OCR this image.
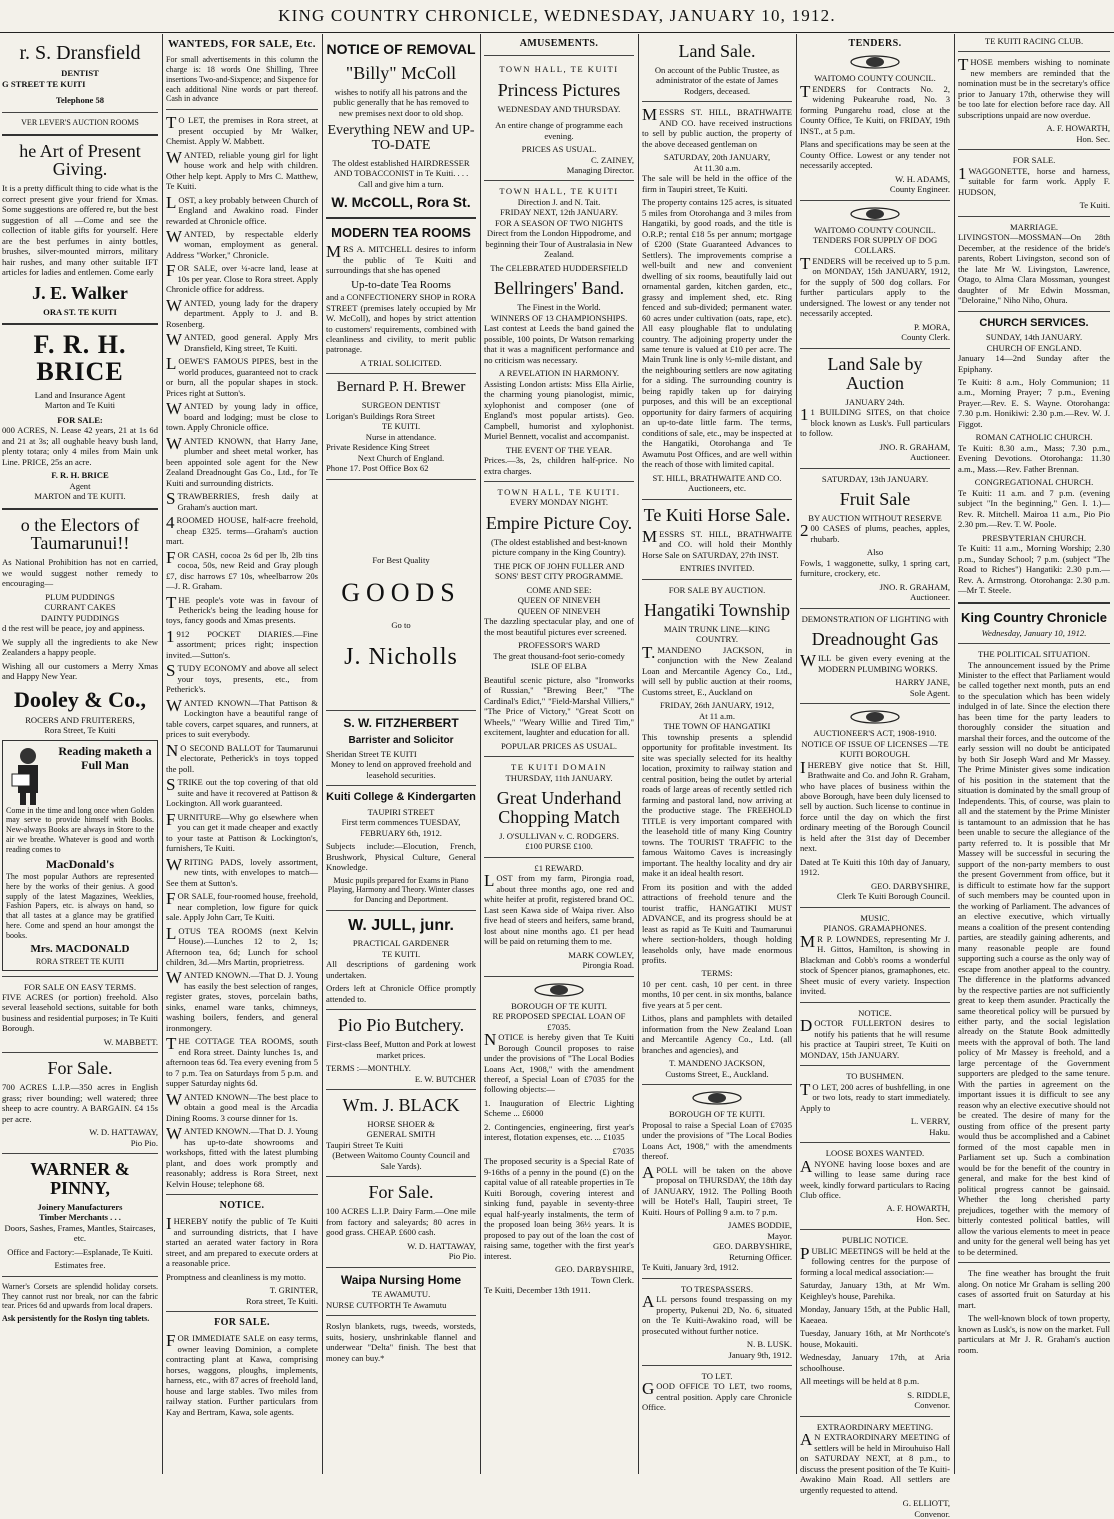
KING COUNTRY CHRONICLE, WEDNESDAY, JANUARY 10, 1912.
r. S. Dransfield
DENTIST
G STREET TE KUITI
Telephone 58
VER LEVER'S AUCTION ROOMS
he Art of Present Giving.

It is a pretty difficult thing to cide what is the correct present give your friend for Xmas. Some suggestions are offered re, but the best suggestion of all —Come and see the collection of itable gifts for yourself. Here are the best perfumes in ainty bottles, brushes, silver-mounted mirrors, military hair rushes, and many other suitable IFT articles for ladies and entlemen. Come early

J. E. Walker
ORA ST. TE KUITI
F. R. H. BRICE
Land and Insurance Agent
Marton and Te Kuiti
FOR SALE:

000 ACRES, N. Lease 42 years, 21 at 1s 6d and 21 at 3s; all oughable heavy bush land, plenty totara; only 4 miles from Main unk Line. PRICE, 25s an acre.

F. R. H. BRICE
Agent
MARTON and TE KUITI.
o the Electors of Taumarunui!!

As National Prohibition has not en carried, we would suggest nother remedy to encouraging—

PLUM PUDDINGS
CURRANT CAKES
DAINTY PUDDINGS

d the rest will be peace, joy and appiness.

We supply all the ingredients to ake New Zealanders a happy people.

Wishing all our customers a Merry Xmas and Happy New Year.

Dooley & Co.,
ROCERS AND FRUITERERS,
Rora Street, Te Kuiti
Reading maketh a Full Man

Come in the time and long once when Golden may serve to provide himself with Books. New-always Books are always in Store to the air we breathe. Whatever is good and worth reading comes to

MacDonald's

The most popular Authors are represented here by the works of their genius. A good supply of the latest Magazines, Weeklies, Fashion Papers, etc. is always on hand, so that all tastes at a glance may be gratified here. Come and spend an hour amongst the books.

Mrs. MACDONALD
RORA STREET TE KUITI
FOR SALE ON EASY TERMS.

FIVE ACRES (or portion) freehold. Also several leasehold sections, suitable for both business and residential purposes; in Te Kuiti Borough.

W. MABBETT.
For Sale.

700 ACRES L.I.P.—350 acres in English grass; river bounding; well watered; three sheep to acre country. A BARGAIN. £4 15s per acre.

W. D. HATTAWAY,
Pio Pio.
WARNER & PINNY,
Joinery Manufacturers
Timber Merchants . . .

Doors, Sashes, Frames, Mantles, Staircases, etc.

Office and Factory:—Esplanade, Te Kuiti.

Estimates free.

Warner's Corsets are splendid holiday corsets. They cannot rust nor break, nor can the fabric tear. Prices 6d and upwards from local drapers.

Ask persistently for the Roslyn ting tablets.

WANTEDS, FOR SALE, Etc.

For small advertisements in this column the charge is: 18 words One Shilling, Three insertions Two-and-Sixpence; and Sixpence for each additional Nine words or part thereof. Cash in advance

TO LET, the premises in Rora street, at present occupied by Mr Walker, Chemist. Apply W. Mabbett.

WANTED, reliable young girl for light house work and help with children. Other help kept. Apply to Mrs C. Matthew, Te Kuiti.

LOST, a key probably between Church of England and Awakino road. Finder rewarded at Chronicle office.

WANTED, by respectable elderly woman, employment as general. Address "Worker," Chronicle.

FOR SALE, over ¼-acre land, lease at 10s per year. Close to Rora street. Apply Chronicle office for address.

WANTED, young lady for the drapery department. Apply to J. and B. Rosenberg.

WANTED, good general. Apply Mrs Dransfield, King street, Te Kuiti.

LOEWE'S FAMOUS PIPES, best in the world produces, guaranteed not to crack or burn, all the popular shapes in stock. Prices right at Sutton's.

WANTED by young lady in office, board and lodging; must be close to town. Apply Chronicle office.

WANTED KNOWN, that Harry Jane, plumber and sheet metal worker, has been appointed sole agent for the New Zealand Dreadnought Gas Co., Ltd., for Te Kuiti and surrounding districts.

STRAWBERRIES, fresh daily at Graham's auction mart.

4ROOMED HOUSE, half-acre freehold, cheap £325. terms—Graham's auction mart.

FOR CASH, cocoa 2s 6d per lb, 2lb tins cocoa, 50s, new Reid and Gray plough £7, disc harrows £7 10s, wheelbarrow 20s—J. R. Graham.

THE people's vote was in favour of Petherick's being the leading house for toys, fancy goods and Xmas presents.

1912 POCKET DIARIES.—Fine assortment; prices right; inspection invited.—Sutton's.

STUDY ECONOMY and above all select your toys, presents, etc., from Petherick's.

WANTED KNOWN—That Pattison & Lockington have a beautiful range of table covers, carpet squares, and runners, at prices to suit everybody.

NO SECOND BALLOT for Taumarunui electorate, Petherick's in toys topped the poll.

STRIKE out the top covering of that old suite and have it recovered at Pattison & Lockington. All work guaranteed.

FURNITURE—Why go elsewhere when you can get it made cheaper and exactly to your taste at Pattison & Lockington's, furnishers, Te Kuiti.

WRITING PADS, lovely assortment, new tints, with envelopes to match—See them at Sutton's.

FOR SALE, four-roomed house, freehold, near completion, low figure for quick sale. Apply John Carr, Te Kuiti.

LOTUS TEA ROOMS (next Kelvin House).—Lunches 12 to 2, 1s; Afternoon tea, 6d; Lunch for school children, 3d.—Mrs Martin, proprietress.

WANTED KNOWN.—That D. J. Young has easily the best selection of ranges, register grates, stoves, porcelain baths, sinks, enamel ware tanks, chimneys, washing boilers, fenders, and general ironmongery.

THE COTTAGE TEA ROOMS, south end Rora street. Dainty lunches 1s, and afternoon teas 6d. Tea every evening from 5 to 7 p.m. Tea on Saturdays from 5 p.m. and supper Saturday nights 6d.

WANTED KNOWN—The best place to obtain a good meal is the Arcadia Dining Rooms. 3 course dinner for 1s.

WANTED KNOWN.—That D. J. Young has up-to-date showrooms and workshops, fitted with the latest plumbing plant, and does work promptly and reasonably; address is Rora Street, next Kelvin House; telephone 68.

NOTICE.

IHEREBY notify the public of Te Kuiti and surrounding districts, that I have started an aerated water factory in Rora street, and am prepared to execute orders at a reasonable price.

Promptness and cleanliness is my motto.

T. GRINTER,
Rora street, Te Kuiti.
FOR SALE.

FOR IMMEDIATE SALE on easy terms, owner leaving Dominion, a complete contracting plant at Kawa, comprising horses, waggons, ploughs, implements, harness, etc., with 87 acres of freehold land, house and large stables. Two miles from railway station. Further particulars from Kay and Bertram, Kawa, sole agents.

NOTICE OF REMOVAL
"Billy" McColl

wishes to notify all his patrons and the public generally that he has removed to new premises next door to old shop.

Everything NEW and UP-TO-DATE

The oldest established HAIRDRESSER AND TOBACCONIST in Te Kuiti. . . . Call and give him a turn.

W. McCOLL, Rora St.
MODERN TEA ROOMS

MRS A. MITCHELL desires to inform the public of Te Kuiti and surroundings that she has opened

Up-to-date Tea Rooms

and a CONFECTIONERY SHOP in RORA STREET (premises lately occupied by Mr W. McColl), and hopes by strict attention to customers' requirements, combined with cleanliness and civility, to merit public patronage.

A TRIAL SOLICITED.
Bernard P. H. Brewer
SURGEON DENTIST
Lorigan's Buildings Rora Street
TE KUITI.
Nurse in attendance.
Private Residence King Street
Next Church of England.
Phone 17. Post Office Box 62
For Best Quality
GOODS
Go to
J. Nicholls
S. W. FITZHERBERT
Barrister and Solicitor
Sheridan Street TE KUITI

Money to lend on approved freehold and leasehold securities.

Kuiti College & Kindergarten
TAUPIRI STREET

First term commences TUESDAY, FEBRUARY 6th, 1912.

Subjects include:—Elocution, French, Brushwork, Physical Culture, General Knowledge.

Music pupils prepared for Exams in Piano Playing, Harmony and Theory. Winter classes for Dancing and Deportment.

W. JULL, junr.
PRACTICAL GARDENER
TE KUITI.

All descriptions of gardening work undertaken.

Orders left at Chronicle Office promptly attended to.

Pio Pio Butchery.

First-class Beef, Mutton and Pork at lowest market prices.

TERMS :—MONTHLY.
E. W. BUTCHER
Wm. J. BLACK
HORSE SHOER &
GENERAL SMITH
Taupiri Street Te Kuiti

(Between Waitomo County Council and Sale Yards).

For Sale.

100 ACRES L.I.P. Dairy Farm.—One mile from factory and saleyards; 80 acres in good grass. CHEAP. £600 cash.

W. D. HATTAWAY,
Pio Pio.
Waipa Nursing Home
TE AWAMUTU.
NURSE CUTFORTH Te Awamutu

Roslyn blankets, rugs, tweeds, worsteds, suits, hosiery, unshrinkable flannel and underwear "Delta" finish. The best that money can buy.*

AMUSEMENTS.
TOWN HALL, TE KUITI
Princess Pictures
WEDNESDAY AND THURSDAY.

An entire change of programme each evening.

PRICES AS USUAL.
C. ZAINEY,
Managing Director.
TOWN HALL, TE KUITI
Direction J. and N. Tait.
FRIDAY NEXT, 12th JANUARY.
FOR A SEASON OF TWO NIGHTS

Direct from the London Hippodrome, and beginning their Tour of Australasia in New Zealand.

The CELEBRATED HUDDERSFIELD
Bellringers' Band.
The Finest in the World.
WINNERS OF 13 CHAMPIONSHIPS.

Last contest at Leeds the band gained the possible, 100 points, Dr Watson remarking that it was a magnificent performance and no criticism was necessary.

A REVELATION IN HARMONY.

Assisting London artists: Miss Ella Airlie, the charming young pianologist, mimic, xylophonist and composer (one of England's most popular artists). Geo. Campbell, humorist and xylophonist. Muriel Bennett, vocalist and accompanist.

THE EVENT OF THE YEAR.

Prices.—3s, 2s, children half-price. No extra charges.

TOWN HALL, TE KUITI.
EVERY MONDAY NIGHT.
Empire Picture Coy.

(The oldest established and best-known picture company in the King Country).

THE PICK OF JOHN FULLER AND SONS' BEST CITY PROGRAMME.

COME AND SEE:
QUEEN OF NINEVEH
QUEEN OF NINEVEH

The dazzling spectacular play, and one of the most beautiful pictures ever screened.

PROFESSOR'S WARD

The great thousand-foot serio-comedy ISLE OF ELBA

Beautiful scenic picture, also "Ironworks of Russian," "Brewing Beer," "The Cardinal's Edict," "Field-Marshal Villiers," "The Price of Victory," "Great Scott on Wheels," "Weary Willie and Tired Tim," excitement, laughter and education for all.

POPULAR PRICES AS USUAL.
TE KUITI DOMAIN
THURSDAY, 11th JANUARY.
Great Underhand Chopping Match
J. O'SULLIVAN v. C. RODGERS.
£100 PURSE £100.
£1 REWARD.

LOST from my farm, Pirongia road, about three months ago, one red and white heifer at profit, registered brand OC. Last seen Kawa side of Waipa river. Also five head of steers and heifers, same brand, lost about nine months ago. £1 per head will be paid on returning them to me.

MARK COWLEY,
Pirongia Road.
BOROUGH OF TE KUITI.
RE PROPOSED SPECIAL LOAN OF £7035.

NOTICE is hereby given that Te Kuiti Borough Council proposes to raise under the provisions of "The Local Bodies Loans Act, 1908," with the amendment thereof, a Special Loan of £7035 for the following objects:—

1. Inauguration of Electric Lighting Scheme ... £6000

2. Contingencies, engineering, first year's interest, flotation expenses, etc. ... £1035

£7035

The proposed security is a Special Rate of 9-16ths of a penny in the pound (£) on the capital value of all rateable properties in Te Kuiti Borough, covering interest and sinking fund, payable in seventy-three equal half-yearly instalments, the term of the proposed loan being 36½ years. It is proposed to pay out of the loan the cost of raising same, together with the first year's interest.

GEO. DARBYSHIRE,
Town Clerk.
Te Kuiti, December 13th 1911.
Land Sale.

On account of the Public Trustee, as administrator of the estate of James Rodgers, deceased.

MESSRS ST. HILL, BRATHWAITE AND CO. have received instructions to sell by public auction, the property of the above deceased gentleman on

SATURDAY, 20th JANUARY,
At 11.30 a.m.

The sale will be held in the office of the firm in Taupiri street, Te Kuiti.

The property contains 125 acres, is situated 5 miles from Otorohanga and 3 miles from Hangatiki, by good roads, and the title is O.R.P.; rental £18 5s per annum; mortgage of £200 (State Guaranteed Advances to Settlers). The improvements comprise a well-built and new and convenient dwelling of six rooms, beautifully laid out ornamental garden, kitchen garden, etc., grassy and implement shed, etc. Ring fenced and sub-divided; permanent water. 60 acres under cultivation (oats, rape, etc). All easy ploughable flat to undulating country. The adjoining property under the same tenure is valued at £10 per acre. The Main Trunk line is only ½-mile distant, and the neighbouring settlers are now agitating for a siding. The surrounding country is being rapidly taken up for dairying purposes, and this will be an exceptional opportunity for dairy farmers of acquiring an up-to-date little farm. The terms, conditions of sale, etc., may be inspected at the Hangatiki, Otorohanga and Te Awamutu Post Offices, and are well within the reach of those with limited capital.

ST. HILL, BRATHWAITE AND CO.
Auctioneers, etc.
Te Kuiti Horse Sale.

MESSRS ST. HILL, BRATHWAITE and CO. will hold their Monthly Horse Sale on SATURDAY, 27th INST.

ENTRIES INVITED.
FOR SALE BY AUCTION.
Hangatiki Township
MAIN TRUNK LINE—KING COUNTRY.

T.MANDENO JACKSON, in conjunction with the New Zealand Loan and Mercantile Agency Co., Ltd., will sell by public auction at their rooms, Customs street, E., Auckland on

FRIDAY, 26th JANUARY, 1912,
At 11 a.m.
THE TOWN OF HANGATIKI

This township presents a splendid opportunity for profitable investment. Its site was specially selected for its healthy location, proximity to railway station and central position, being the outlet by arterial roads of large areas of recently settled rich farming and pastoral land, now arriving at the productive stage. The FREEHOLD TITLE is very important compared with the leasehold title of many King Country towns. The TOURIST TRAFFIC to the famous Waitomo Caves is increasingly important. The healthy locality and dry air make it an ideal health resort.

From its position and with the added attractions of freehold tenure and the tourist traffic, HANGATIKI MUST ADVANCE, and its progress should be at least as rapid as Te Kuiti and Taumarunui where section-holders, though holding leaseholds only, have made enormous profits.

TERMS:

10 per cent. cash, 10 per cent. in three months, 10 per cent. in six months, balance five years at 5 per cent.

Lithos, plans and pamphlets with detailed information from the New Zealand Loan and Mercantile Agency Co., Ltd. (all branches and agencies), and

T. MANDENO JACKSON,
Customs Street, E., Auckland.
BOROUGH OF TE KUITI.

Proposal to raise a Special Loan of £7035 under the provisions of "The Local Bodies Loans Act, 1908," with the amendments thereof.

APOLL will be taken on the above proposal on THURSDAY, the 18th day of JANUARY, 1912. The Polling Booth will be Hotel's Hall, Taupiri street, Te Kuiti. Hours of Polling 9 a.m. to 7 p.m.

JAMES BODDIE,
Mayor.
GEO. DARBYSHIRE,
Returning Officer.
Te Kuiti, January 3rd, 1912.
TO TRESPASSERS.

ALL persons found trespassing on my property, Pukenui 2D, No. 6, situated on the Te Kuiti-Awakino road, will be prosecuted without further notice.

N. B. LUSK.
January 9th, 1912.
TO LET.

GOOD OFFICE TO LET, two rooms, central position. Apply care Chronicle Office.

TENDERS.
WAITOMO COUNTY COUNCIL.

TENDERS for Contracts No. 2, widening Pukearuhe road, No. 3 forming Pungarehu road, close at the County Office, Te Kuiti, on FRIDAY, 19th INST., at 5 p.m.

Plans and specifications may be seen at the County Office. Lowest or any tender not necessarily accepted.

W. H. ADAMS,
County Engineer.
WAITOMO COUNTY COUNCIL.
TENDERS FOR SUPPLY OF DOG COLLARS.

TENDERS will be received up to 5 p.m. on MONDAY, 15th JANUARY, 1912, for the supply of 500 dog collars. For further particulars apply to the undersigned. The lowest or any tender not necessarily accepted.

P. MORA,
County Clerk.
Land Sale by Auction
JANUARY 24th.

11 BUILDING SITES, on that choice block known as Lusk's. Full particulars to follow.

JNO. R. GRAHAM,
Auctioneer.
SATURDAY, 13th JANUARY.
Fruit Sale
BY AUCTION WITHOUT RESERVE

200 CASES of plums, peaches, apples, rhubarb.

Also

Fowls, 1 waggonette, sulky, 1 spring cart, furniture, crockery, etc.

JNO. R. GRAHAM,
Auctioneer.
DEMONSTRATION OF LIGHTING with
Dreadnought Gas

WILL be given every evening at the MODERN PLUMBING WORKS.

HARRY JANE,
Sole Agent.
AUCTIONEER'S ACT, 1908-1910.
NOTICE OF ISSUE OF LICENSES —TE KUITI BOROUGH.

IHEREBY give notice that St. Hill, Brathwaite and Co. and John R. Graham, who have places of business within the above Borough, have been duly licensed to sell by auction. Such license to continue in force until the day on which the first ordinary meeting of the Borough Council is held after the 31st day of December next.

Dated at Te Kuiti this 10th day of January, 1912.

GEO. DARBYSHIRE,
Clerk Te Kuiti Borough Council.
MUSIC.
PIANOS. GRAMAPHONES.

MR P. LOWNDES, representing Mr J. H. Gittos, Hamilton, is showing in Blackman and Cobb's rooms a wonderful stock of Spencer pianos, gramaphones, etc. Sheet music of every variety. Inspection invited.

NOTICE.

DOCTOR FULLERTON desires to notify his patients that he will resume his practice at Taupiri street, Te Kuiti on MONDAY, 15th JANUARY.

TO BUSHMEN.

TO LET, 200 acres of bushfelling, in one or two lots, ready to start immediately. Apply to

L. VERRY,
Haku.
LOOSE BOXES WANTED.

ANYONE having loose boxes and are willing to lease same during race week, kindly forward particulars to Racing Club office.

A. F. HOWARTH,
Hon. Sec.
PUBLIC NOTICE.

PUBLIC MEETINGS will be held at the following centres for the purpose of forming a local medical association:—

Saturday, January 13th, at Mr Wm. Keighley's house, Parehika.

Monday, January 15th, at the Public Hall, Kaeaea.

Tuesday, January 16th, at Mr Northcote's house, Mokauiti.

Wednesday, January 17th, at Aria schoolhouse.

All meetings will be held at 8 p.m.

S. RIDDLE,
Convenor.
EXTRAORDINARY MEETING.

AN EXTRAORDINARY MEETING of settlers will be held in Mirouhuiso Hall on SATURDAY NEXT, at 8 p.m., to discuss the present position of the Te Kuiti-Awakino Main Road. All settlers are urgently requested to attend.

G. ELLIOTT,
Convenor.
TE KUITI RACING CLUB.

THOSE members wishing to nominate new members are reminded that the nomination must be in the secretary's office prior to January 17th, otherwise they will be too late for election before race day. All subscriptions unpaid are now overdue.

A. F. HOWARTH,
Hon. Sec.
FOR SALE.

1WAGGONETTE, horse and harness, suitable for farm work. Apply F. HUDSON,

Te Kuiti.
MARRIAGE.

LIVINGSTON—MOSSMAN—On 28th December, at the residence of the bride's parents, Robert Livingston, second son of the late Mr W. Livingston, Lawrence, Otago, to Alma Clara Mossman, youngest daughter of Mr Edwin Mossman, "Deloraine," Niho Niho, Ohura.

CHURCH SERVICES.
SUNDAY, 14th JANUARY.
CHURCH OF ENGLAND.

January 14—2nd Sunday after the Epiphany.

Te Kuiti: 8 a.m., Holy Communion; 11 a.m., Morning Prayer; 7 p.m., Evening Prayer.—Rev. E. S. Wayne. Otorohanga: 7.30 p.m. Honikiwi: 2.30 p.m.—Rev. W. J. Figgot.

ROMAN CATHOLIC CHURCH.

Te Kuiti: 8.30 a.m., Mass; 7.30 p.m., Evening Devotions. Otorohanga: 11.30 a.m., Mass.—Rev. Father Brennan.

CONGREGATIONAL CHURCH.

Te Kuiti: 11 a.m. and 7 p.m. (evening subject "In the beginning," Gen. I. 1.)—Rev. R. Mitchell. Mairoa 11 a.m., Pio Pio 2.30 pm.—Rev. T. W. Poole.

PRESBYTERIAN CHURCH.

Te Kuiti: 11 a.m., Morning Worship; 2.30 p.m., Sunday School; 7 p.m. (subject "The Road to Riches") Hangatiki: 2.30 p.m.—Rev. A. Armstrong. Otorohanga: 2.30 p.m.—Mr T. Steele.

King Country Chronicle
Wednesday, January 10, 1912.
THE POLITICAL SITUATION.

The announcement issued by the Prime Minister to the effect that Parliament would be called together next month, puts an end to the speculation which has been widely indulged in of late. Since the election there has been time for the party leaders to thoroughly consider the situation and marshal their forces, and the outcome of the early session will no doubt be anticipated by both Sir Joseph Ward and Mr Massey. The Prime Minister gives some indication of his position in the statement that the situation is dominated by the small group of Independents. This, of course, was plain to all and the statement by the Prime Minister is tantamount to an admission that he has been unable to secure the allegiance of the party referred to. It is possible that Mr Massey will be successful in securing the support of the non-party members to oust the present Government from office, but it is difficult to estimate how far the support of such members may be counted upon in the working of Parliament. The advances of an elective executive, which virtually means a coalition of the present contending parties, are steadily gaining adherents, and many reasonable people are found supporting such a course as the only way of escape from another appeal to the country. The difference in the platforms advanced by the respective parties are not sufficiently great to keep them asunder. Practically the same theoretical policy will be pursued by either party, and the social legislation already on the Statute Book admittedly meets with the approval of both. The land policy of Mr Massey is freehold, and a large percentage of the Government supporters are pledged to the same tenure. With the parties in agreement on the important issues it is difficult to see any reason why an elective executive should not be created. The desire of many for the ousting from office of the present party would thus be accomplished and a Cabinet formed of the most capable men in Parliament set up. Such a combination would be for the benefit of the country in general, and make for the best kind of political progress cannot be gainsaid. Whether the long cherished party prejudices, together with the memory of bitterly contested political battles, will allow the various elements to meet in peace and unity for the general well being has yet to be determined.

The fine weather has brought the fruit along. On notice Mr Graham is selling 200 cases of assorted fruit on Saturday at his mart.

The well-known block of town property, known as Lusk's, is now on the market. Full particulars at Mr J. R. Graham's auction room.
